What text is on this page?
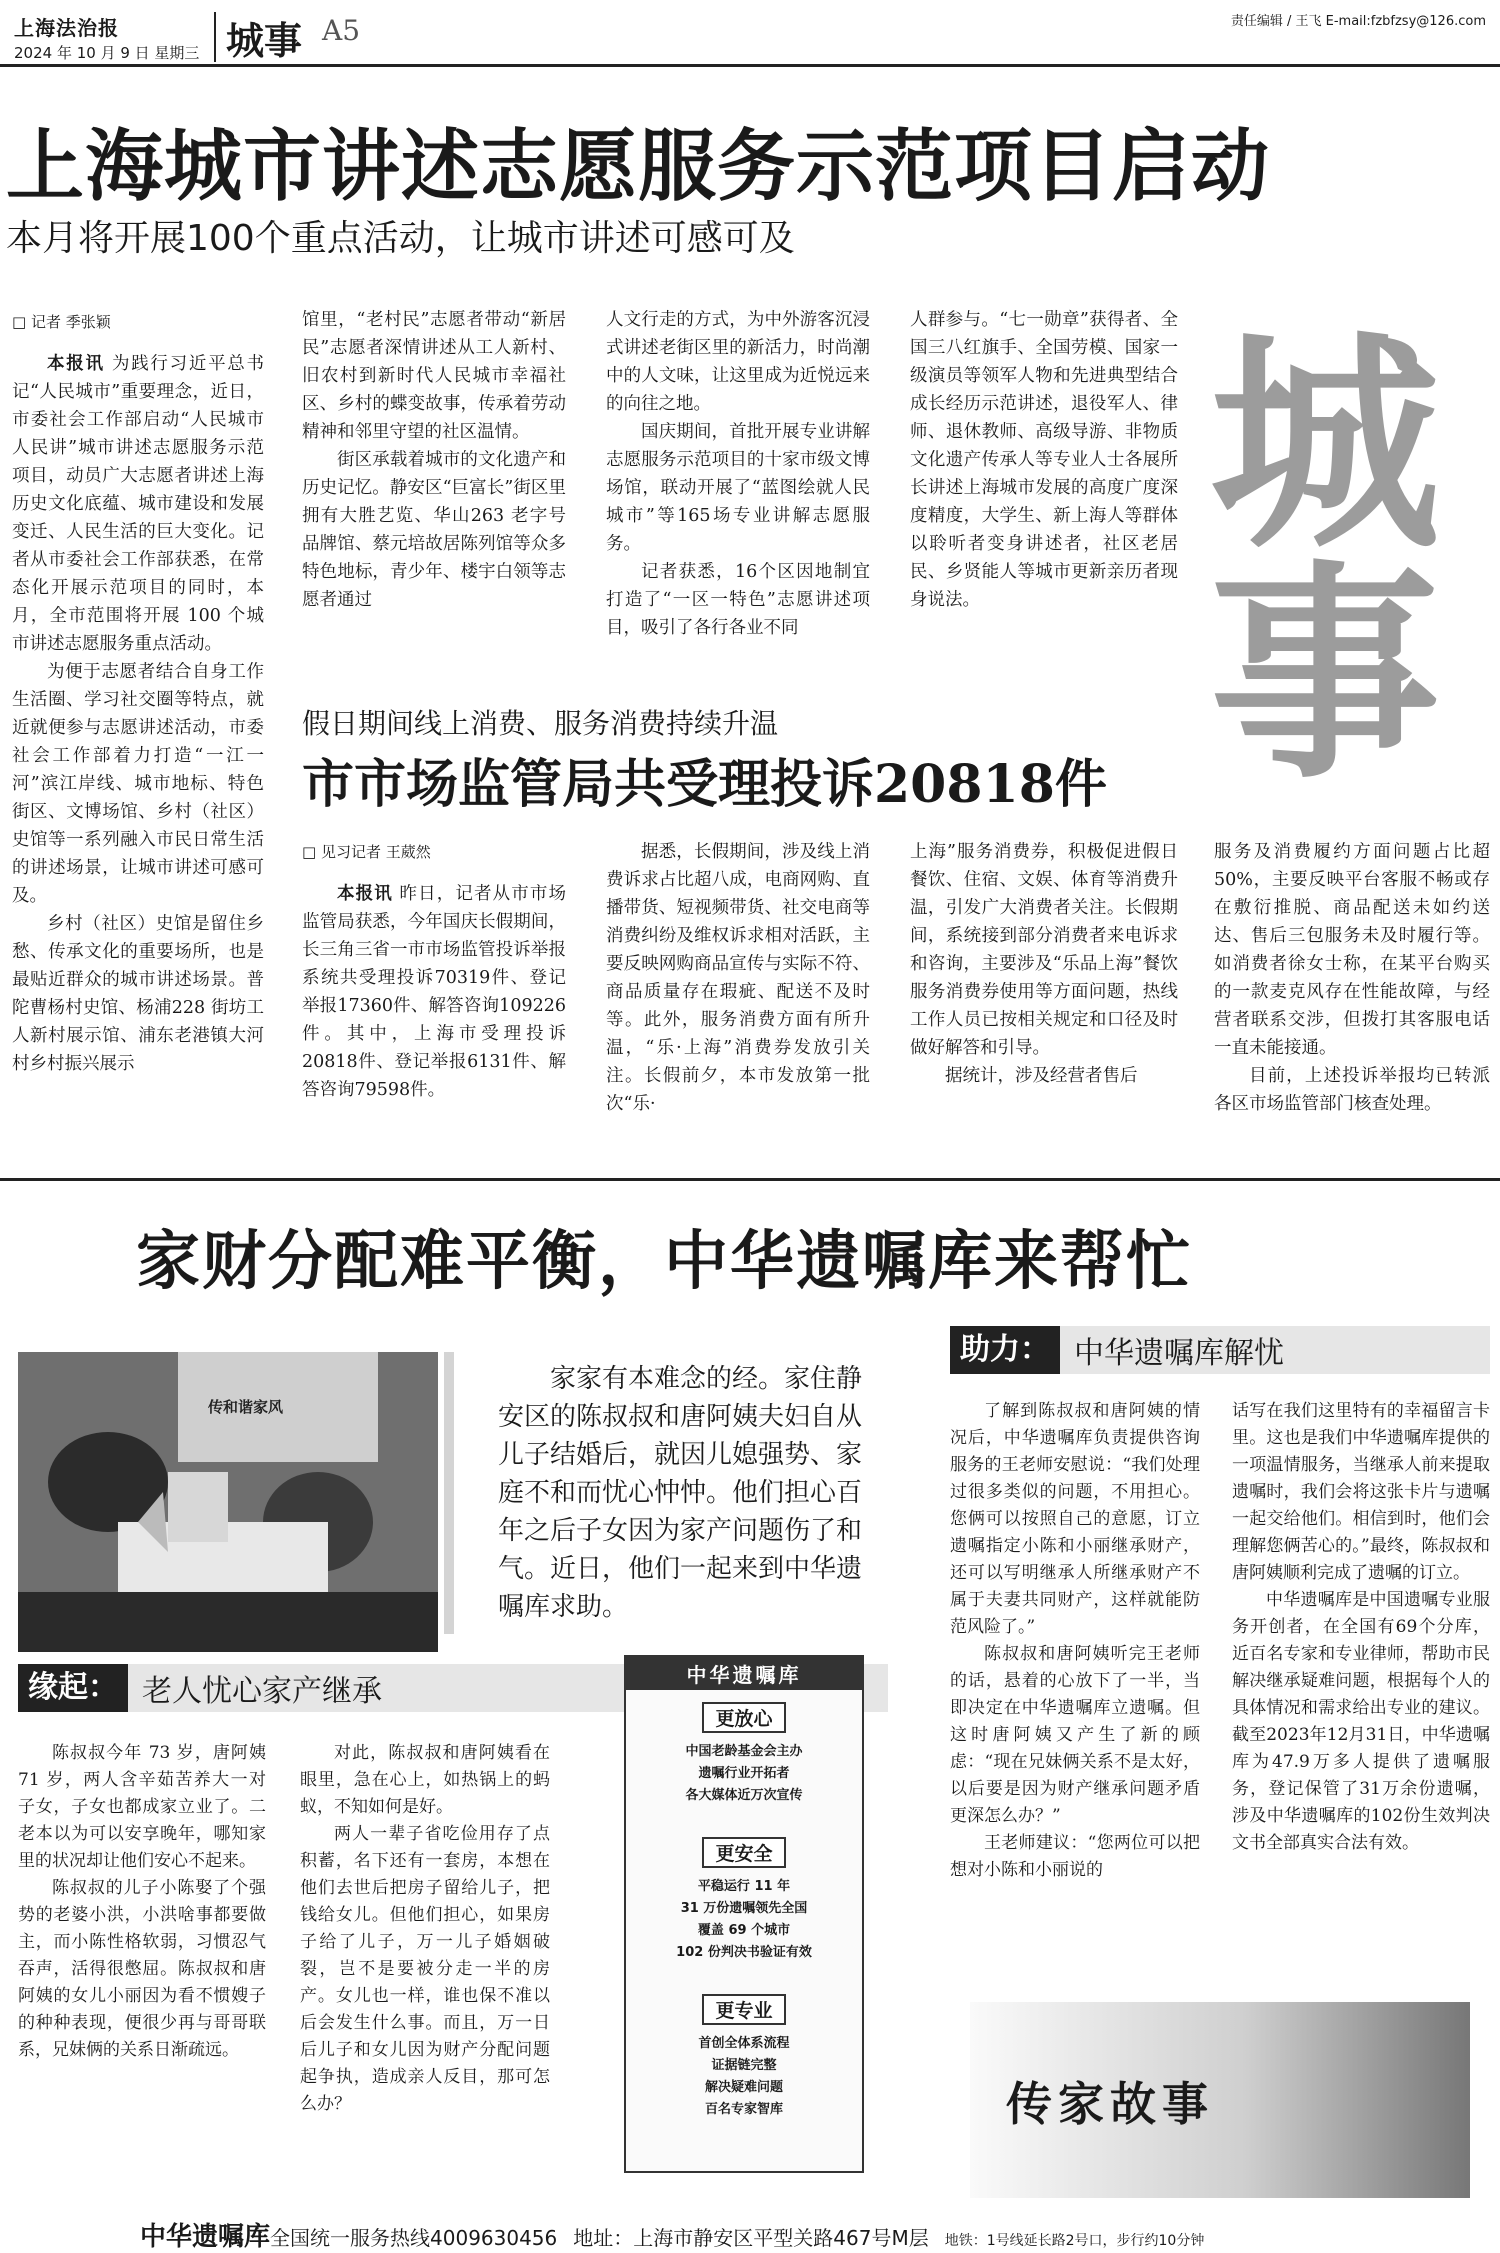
上海法治报
2024 年 10 月 9 日 星期三 城事 A5	责任编辑 / 王飞 E-mail:fzbfzsy@126.com
上海城市讲述志愿服务示范项目启动
本月将开展100个重点活动，让城市讲述可感可及

□ 记者 季张颖

本报讯 为践行习近平总书记“人民城市”重要理念，近日，市委社会工作部启动“人民城市人民讲”城市讲述志愿服务示范项目，动员广大志愿者讲述上海历史文化底蕴、城市建设和发展变迁、人民生活的巨大变化。记者从市委社会工作部获悉，在常态化开展示范项目的同时，本月，全市范围将开展 100 个城市讲述志愿服务重点活动。

为便于志愿者结合自身工作生活圈、学习社交圈等特点，就近就便参与志愿讲述活动，市委社会工作部着力打造“一江一河”滨江岸线、城市地标、特色街区、文博场馆、乡村（社区）史馆等一系列融入市民日常生活的讲述场景，让城市讲述可感可及。

乡村（社区）史馆是留住乡愁、传承文化的重要场所，也是最贴近群众的城市讲述场景。普陀曹杨村史馆、杨浦228 街坊工人新村展示馆、浦东老港镇大河村乡村振兴展示

馆里，“老村民”志愿者带动“新居民”志愿者深情讲述从工人新村、旧农村到新时代人民城市幸福社区、乡村的蝶变故事，传承着劳动精神和邻里守望的社区温情。

街区承载着城市的文化遗产和历史记忆。静安区“巨富长”街区里拥有大胜艺览、华山263 老字号品牌馆、蔡元培故居陈列馆等众多特色地标，青少年、楼宇白领等志愿者通过

人文行走的方式，为中外游客沉浸式讲述老街区里的新活力，时尚潮中的人文味，让这里成为近悦远来的向往之地。

国庆期间，首批开展专业讲解志愿服务示范项目的十家市级文博场馆，联动开展了“蓝图绘就人民城市”等165场专业讲解志愿服务。

记者获悉，16个区因地制宜打造了“一区一特色”志愿讲述项目，吸引了各行各业不同

人群参与。“七一勋章”获得者、全国三八红旗手、全国劳模、国家一级演员等领军人物和先进典型结合成长经历示范讲述，退役军人、律师、退休教师、高级导游、非物质文化遗产传承人等专业人士各展所长讲述上海城市发展的高度广度深度精度，大学生、新上海人等群体以聆听者变身讲述者，社区老居民、乡贤能人等城市更新亲历者现身说法。

城
事
假日期间线上消费、服务消费持续升温
市市场监管局共受理投诉20818件

□ 见习记者 王葳然

本报讯 昨日，记者从市市场监管局获悉，今年国庆长假期间，长三角三省一市市场监管投诉举报系统共受理投诉70319件、登记举报17360件、解答咨询109226件。其中，上海市受理投诉20818件、登记举报6131件、解答咨询79598件。

据悉，长假期间，涉及线上消费诉求占比超八成，电商网购、直播带货、短视频带货、社交电商等消费纠纷及维权诉求相对活跃，主要反映网购商品宣传与实际不符、商品质量存在瑕疵、配送不及时等。此外，服务消费方面有所升温，“乐·上海”消费券发放引关注。长假前夕，本市发放第一批次“乐·

上海”服务消费券，积极促进假日餐饮、住宿、文娱、体育等消费升温，引发广大消费者关注。长假期间，系统接到部分消费者来电诉求和咨询，主要涉及“乐品上海”餐饮服务消费券使用等方面问题，热线工作人员已按相关规定和口径及时做好解答和引导。

据统计，涉及经营者售后

服务及消费履约方面问题占比超50%，主要反映平台客服不畅或存在敷衍推脱、商品配送未如约送达、售后三包服务未及时履行等。如消费者徐女士称，在某平台购买的一款麦克风存在性能故障，与经营者联系交涉，但拨打其客服电话一直未能接通。

目前，上述投诉举报均已转派各区市场监管部门核查处理。

家财分配难平衡，中华遗嘱库来帮忙
传和谐家风

家家有本难念的经。家住静安区的陈叔叔和唐阿姨夫妇自从儿子结婚后，就因儿媳强势、家庭不和而忧心忡忡。他们担心百年之后子女因为家产问题伤了和气。近日，他们一起来到中华遗嘱库求助。

缘起： 老人忧心家产继承
助力： 中华遗嘱库解忧

陈叔叔今年 73 岁，唐阿姨 71 岁，两人含辛茹苦养大一对子女，子女也都成家立业了。二老本以为可以安享晚年，哪知家里的状况却让他们安心不起来。

陈叔叔的儿子小陈娶了个强势的老婆小洪，小洪啥事都要做主，而小陈性格软弱，习惯忍气吞声，活得很憋屈。陈叔叔和唐阿姨的女儿小丽因为看不惯嫂子的种种表现，便很少再与哥哥联系，兄妹俩的关系日渐疏远。

对此，陈叔叔和唐阿姨看在眼里，急在心上，如热锅上的蚂蚁，不知如何是好。

两人一辈子省吃俭用存了点积蓄，名下还有一套房，本想在他们去世后把房子留给儿子，把钱给女儿。但他们担心，如果房子给了儿子，万一儿子婚姻破裂，岂不是要被分走一半的房产。女儿也一样，谁也保不准以后会发生什么事。而且，万一日后儿子和女儿因为财产分配问题起争执，造成亲人反目，那可怎么办？

中华遗嘱库
更放心
中国老龄基金会主办
遗嘱行业开拓者
各大媒体近万次宣传
更安全
平稳运行 11 年
31 万份遗嘱领先全国
覆盖 69 个城市
102 份判决书验证有效
更专业
首创全体系流程
证据链完整
解决疑难问题
百名专家智库

了解到陈叔叔和唐阿姨的情况后，中华遗嘱库负责提供咨询服务的王老师安慰说：“我们处理过很多类似的问题，不用担心。您俩可以按照自己的意愿，订立遗嘱指定小陈和小丽继承财产，还可以写明继承人所继承财产不属于夫妻共同财产，这样就能防范风险了。”

陈叔叔和唐阿姨听完王老师的话，悬着的心放下了一半，当即决定在中华遗嘱库立遗嘱。但这时唐阿姨又产生了新的顾虑：“现在兄妹俩关系不是太好，以后要是因为财产继承问题矛盾更深怎么办？”

王老师建议：“您两位可以把想对小陈和小丽说的

话写在我们这里特有的幸福留言卡里。这也是我们中华遗嘱库提供的一项温情服务，当继承人前来提取遗嘱时，我们会将这张卡片与遗嘱一起交给他们。相信到时，他们会理解您俩苦心的。”最终，陈叔叔和唐阿姨顺利完成了遗嘱的订立。

中华遗嘱库是中国遗嘱专业服务开创者，在全国有69个分库，近百名专家和专业律师，帮助市民解决继承疑难问题，根据每个人的具体情况和需求给出专业的建议。截至2023年12月31日，中华遗嘱库为47.9万多人提供了遗嘱服务，登记保管了31万余份遗嘱，涉及中华遗嘱库的102份生效判决文书全部真实合法有效。

传家故事
中华遗嘱库全国统一服务热线4009630456 地址：上海市静安区平型关路467号M层 地铁：1号线延长路2号口，步行约10分钟
